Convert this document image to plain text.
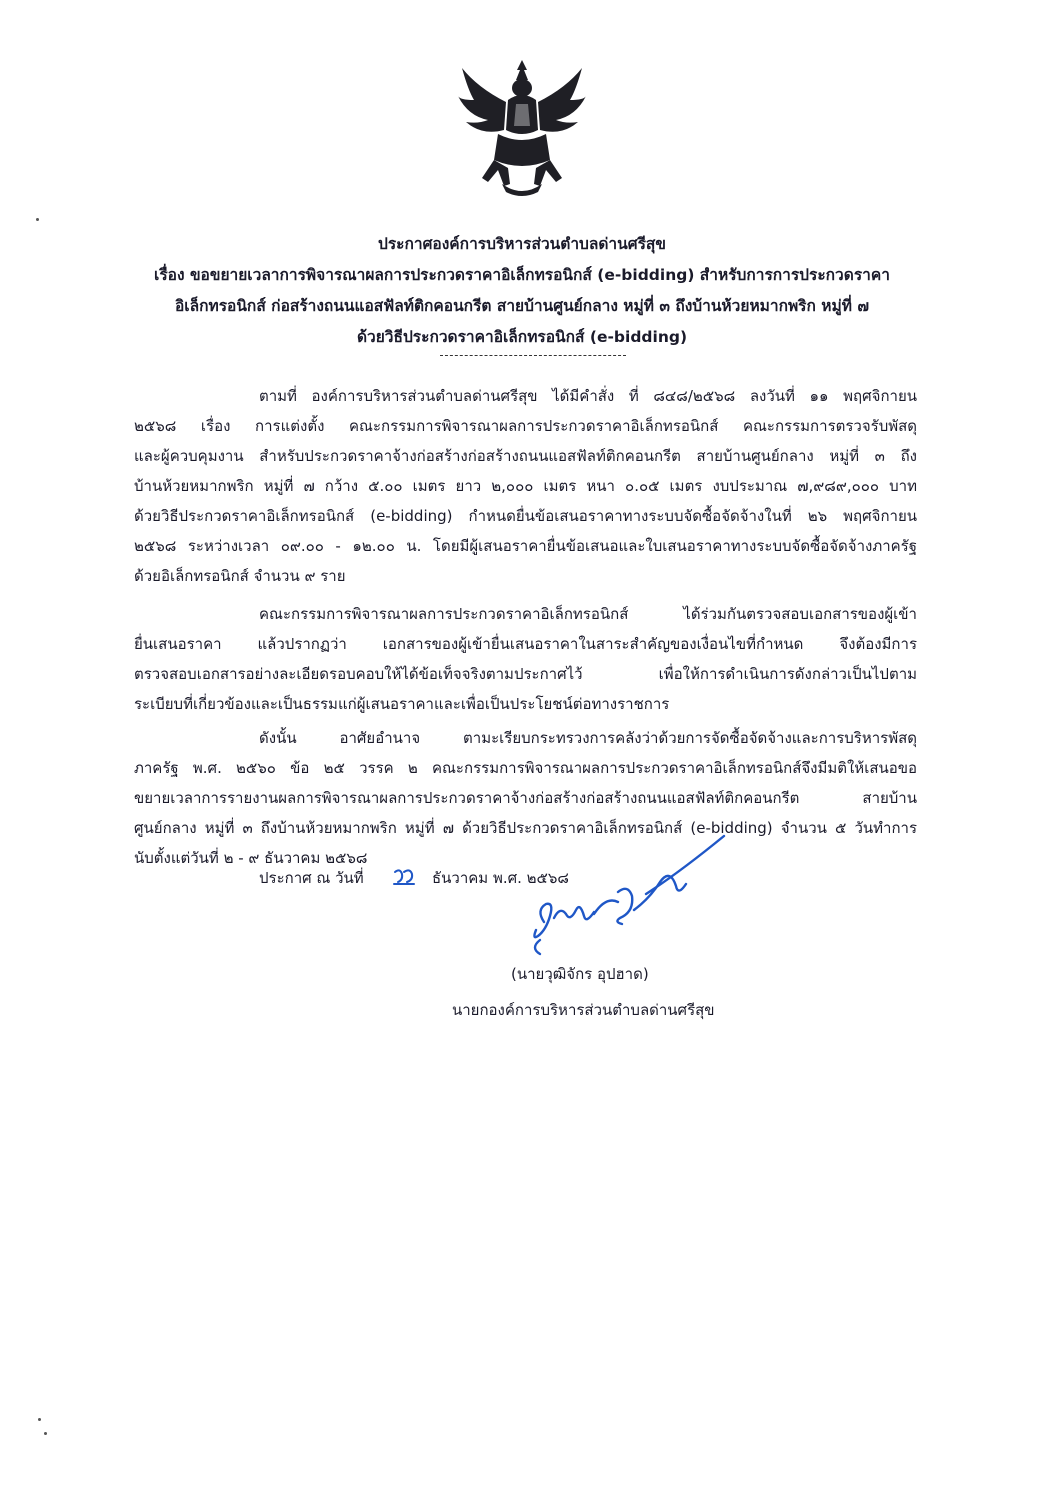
ประกาศองค์การบริหารส่วนตำบลด่านศรีสุข
เรื่อง ขอขยายเวลาการพิจารณาผลการประกวดราคาอิเล็กทรอนิกส์ (e-bidding) สำหรับการการประกวดราคา
อิเล็กทรอนิกส์ ก่อสร้างถนนแอสฟัลท์ติกคอนกรีต สายบ้านศูนย์กลาง หมู่ที่ ๓ ถึงบ้านห้วยหมากพริก หมู่ที่ ๗
ด้วยวิธีประกวดราคาอิเล็กทรอนิกส์ (e-bidding)
ตามที่ องค์การบริหารส่วนตำบลด่านศรีสุข ได้มีคำสั่ง ที่ ๘๔๘/๒๕๖๘ ลงวันที่ ๑๑ พฤศจิกายน
๒๕๖๘ เรื่อง การแต่งตั้ง คณะกรรมการพิจารณาผลการประกวดราคาอิเล็กทรอนิกส์ คณะกรรมการตรวจรับพัสดุ
และผู้ควบคุมงาน สำหรับประกวดราคาจ้างก่อสร้างก่อสร้างถนนแอสฟัลท์ติกคอนกรีต สายบ้านศูนย์กลาง หมู่ที่ ๓ ถึง
บ้านห้วยหมากพริก หมู่ที่ ๗ กว้าง ๕.๐๐ เมตร ยาว ๒,๐๐๐ เมตร หนา ๐.๐๕ เมตร งบประมาณ ๗,๙๘๙,๐๐๐ บาท
ด้วยวิธีประกวดราคาอิเล็กทรอนิกส์ (e-bidding) กำหนดยื่นข้อเสนอราคาทางระบบจัดซื้อจัดจ้างในที่ ๒๖ พฤศจิกายน
๒๕๖๘ ระหว่างเวลา ๐๙.๐๐ - ๑๒.๐๐ น. โดยมีผู้เสนอราคายื่นข้อเสนอและใบเสนอราคาทางระบบจัดซื้อจัดจ้างภาครัฐ
ด้วยอิเล็กทรอนิกส์ จำนวน ๙ ราย
คณะกรรมการพิจารณาผลการประกวดราคาอิเล็กทรอนิกส์ ได้ร่วมกันตรวจสอบเอกสารของผู้เข้า
ยื่นเสนอราคา แล้วปรากฏว่า เอกสารของผู้เข้ายื่นเสนอราคาในสาระสำคัญของเงื่อนไขที่กำหนด จึงต้องมีการ
ตรวจสอบเอกสารอย่างละเอียดรอบคอบให้ได้ข้อเท็จจริงตามประกาศไว้ เพื่อให้การดำเนินการดังกล่าวเป็นไปตาม
ระเบียบที่เกี่ยวข้องและเป็นธรรมแก่ผู้เสนอราคาและเพื่อเป็นประโยชน์ต่อทางราชการ
ดังนั้น อาศัยอำนาจ ตามะเรียบกระทรวงการคลังว่าด้วยการจัดซื้อจัดจ้างและการบริหารพัสดุ
ภาครัฐ พ.ศ. ๒๕๖๐ ข้อ ๒๕ วรรค ๒ คณะกรรมการพิจารณาผลการประกวดราคาอิเล็กทรอนิกส์จึงมีมติให้เสนอขอ
ขยายเวลาการรายงานผลการพิจารณาผลการประกวดราคาจ้างก่อสร้างก่อสร้างถนนแอสฟัลท์ติกคอนกรีต สายบ้าน
ศูนย์กลาง หมู่ที่ ๓ ถึงบ้านห้วยหมากพริก หมู่ที่ ๗ ด้วยวิธีประกวดราคาอิเล็กทรอนิกส์ (e-bidding) จำนวน ๕ วันทำการ
นับตั้งแต่วันที่ ๒ - ๙ ธันวาคม ๒๕๖๘
ประกาศ ณ วันที่	ธันวาคม พ.ศ. ๒๕๖๘
(นายวุฒิจักร อุปฮาด)
นายกองค์การบริหารส่วนตำบลด่านศรีสุข
